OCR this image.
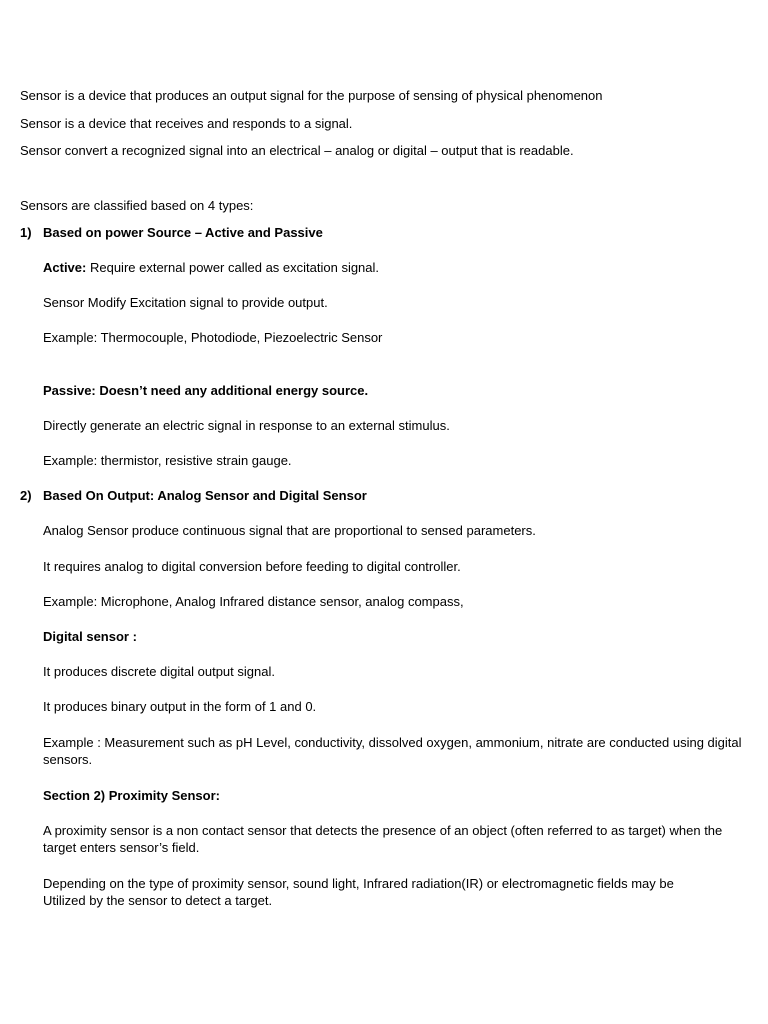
Sensor is a device that produces an output signal for the purpose of sensing of physical phenomenon
Sensor is a device that receives and responds to a signal.
Sensor convert a recognized signal into an electrical – analog or digital – output that is readable.
Sensors are classified based on 4 types:
1) Based on power Source – Active and Passive
Active: Require external power called as excitation signal.
Sensor Modify Excitation signal to provide output.
Example: Thermocouple, Photodiode, Piezoelectric Sensor
Passive: Doesn’t need any additional energy source.
Directly generate an electric signal in response to an external stimulus.
Example: thermistor, resistive strain gauge.
2) Based On Output: Analog Sensor and Digital Sensor
Analog Sensor produce continuous signal that are proportional to sensed parameters.
It requires analog to digital conversion before feeding to digital controller.
Example: Microphone, Analog Infrared distance sensor, analog compass,
Digital sensor :
It produces discrete digital output signal.
It produces binary output in the form of 1 and 0.
Example : Measurement such as pH Level, conductivity, dissolved oxygen, ammonium, nitrate are conducted using digital sensors.
Section 2) Proximity Sensor:
A proximity sensor is a non contact sensor that detects the presence of an object (often referred to as target) when the target enters sensor’s field.
Depending on the type of proximity sensor, sound light, Infrared radiation(IR) or electromagnetic fields may be
Utilized by the sensor to detect a target.
